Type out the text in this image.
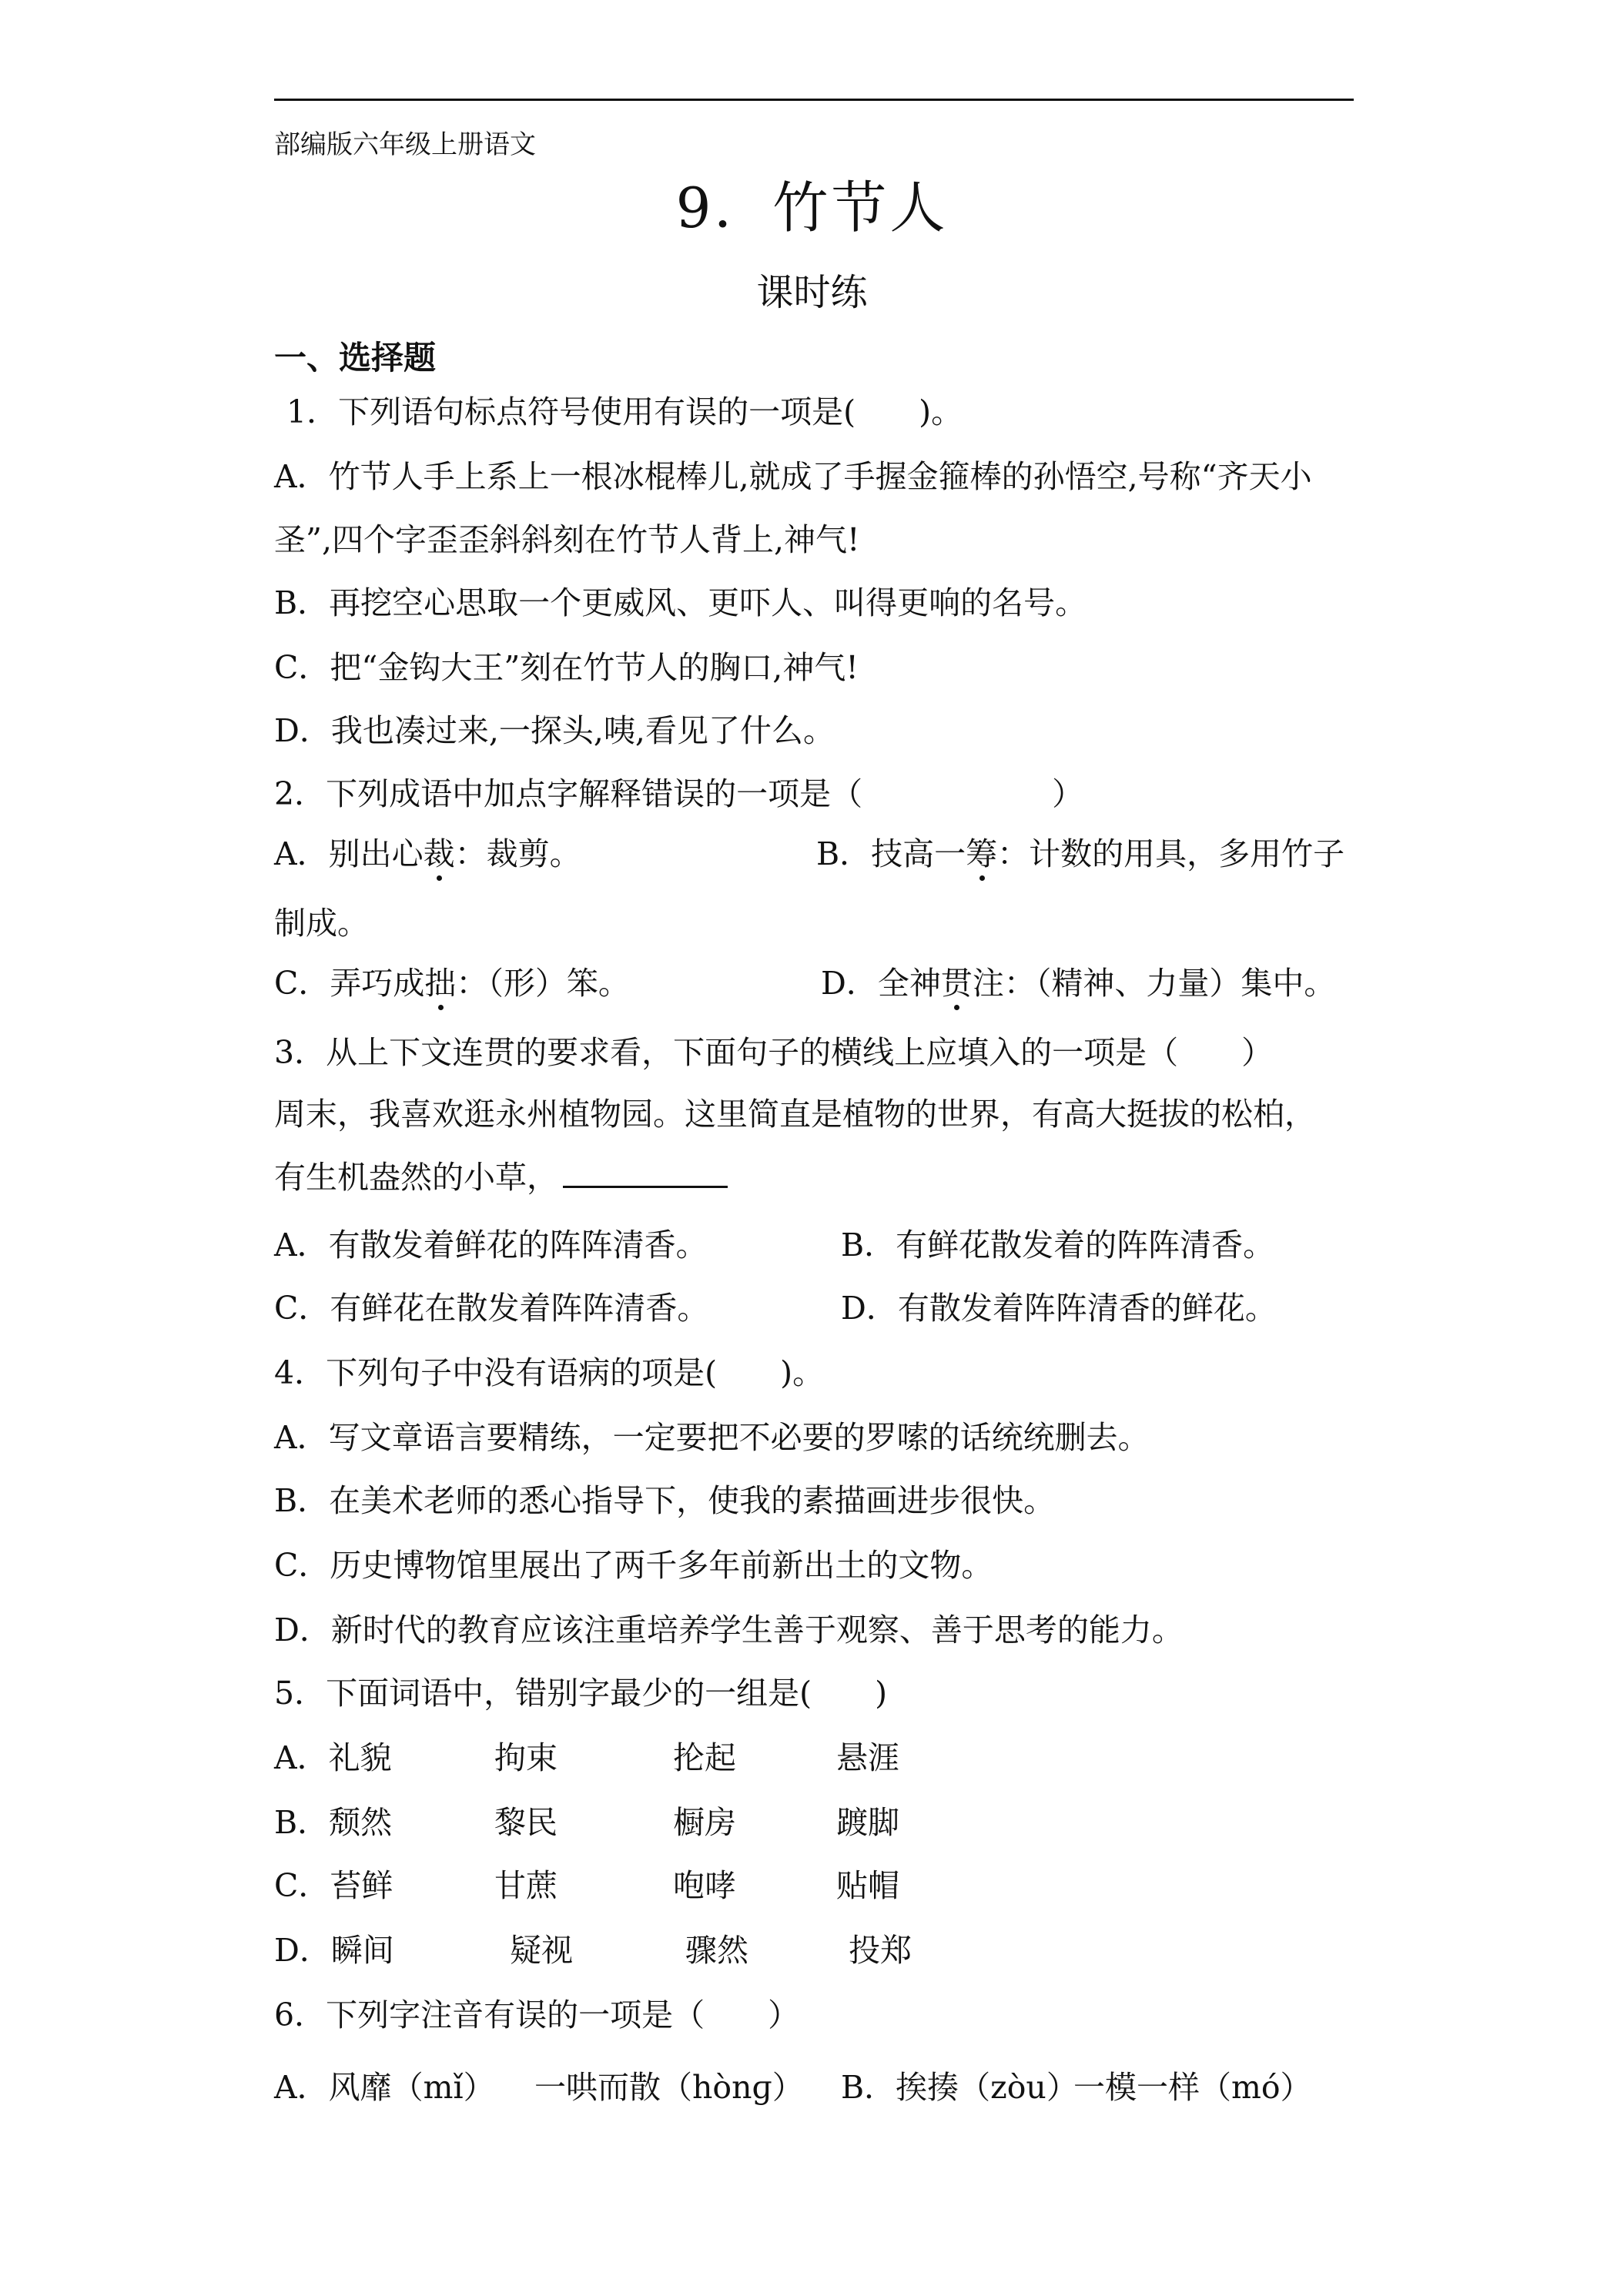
部编版六年级上册语文
9．竹节人
课时练
一、选择题
1．下列语句标点符号使用有误的一项是(　　)。
A．竹节人手上系上一根冰棍棒儿,就成了手握金箍棒的孙悟空,号称“齐天小
圣”,四个字歪歪斜斜刻在竹节人背上,神气!
B．再挖空心思取一个更威风、更吓人、叫得更响的名号。
C．把“金钩大王”刻在竹节人的胸口,神气!
D．我也凑过来,一探头,咦,看见了什么。
2．下列成语中加点字解释错误的一项是（　　　　　　）
A．别出心裁：裁剪。	B．技高一筹：计数的用具，多用竹子
制成。
C．弄巧成拙：（形）笨。	D．全神贯注：（精神、力量）集中。
3．从上下文连贯的要求看，下面句子的横线上应填入的一项是（　　）
周末，我喜欢逛永州植物园。这里简直是植物的世界，有高大挺拔的松柏，
有生机盎然的小草，
A．有散发着鲜花的阵阵清香。	B．有鲜花散发着的阵阵清香。
C．有鲜花在散发着阵阵清香。	D．有散发着阵阵清香的鲜花。
4．下列句子中没有语病的项是(　　)。
A．写文章语言要精练，一定要把不必要的罗嗦的话统统删去。
B．在美术老师的悉心指导下，使我的素描画进步很快。
C．历史博物馆里展出了两千多年前新出土的文物。
D．新时代的教育应该注重培养学生善于观察、善于思考的能力。
5．下面词语中，错别字最少的一组是(　　)
A．礼貌	拘束	抡起	悬涯
B．颓然	黎民	橱房	踱脚
C．苔鲜	甘蔗	咆哮	贴帽
D．瞬间	疑视	骤然	投郑
6．下列字注音有误的一项是（　　）
A．风靡（mǐ） 一哄而散（hònɡ） B．挨揍（zòu）一模一样（mó）
